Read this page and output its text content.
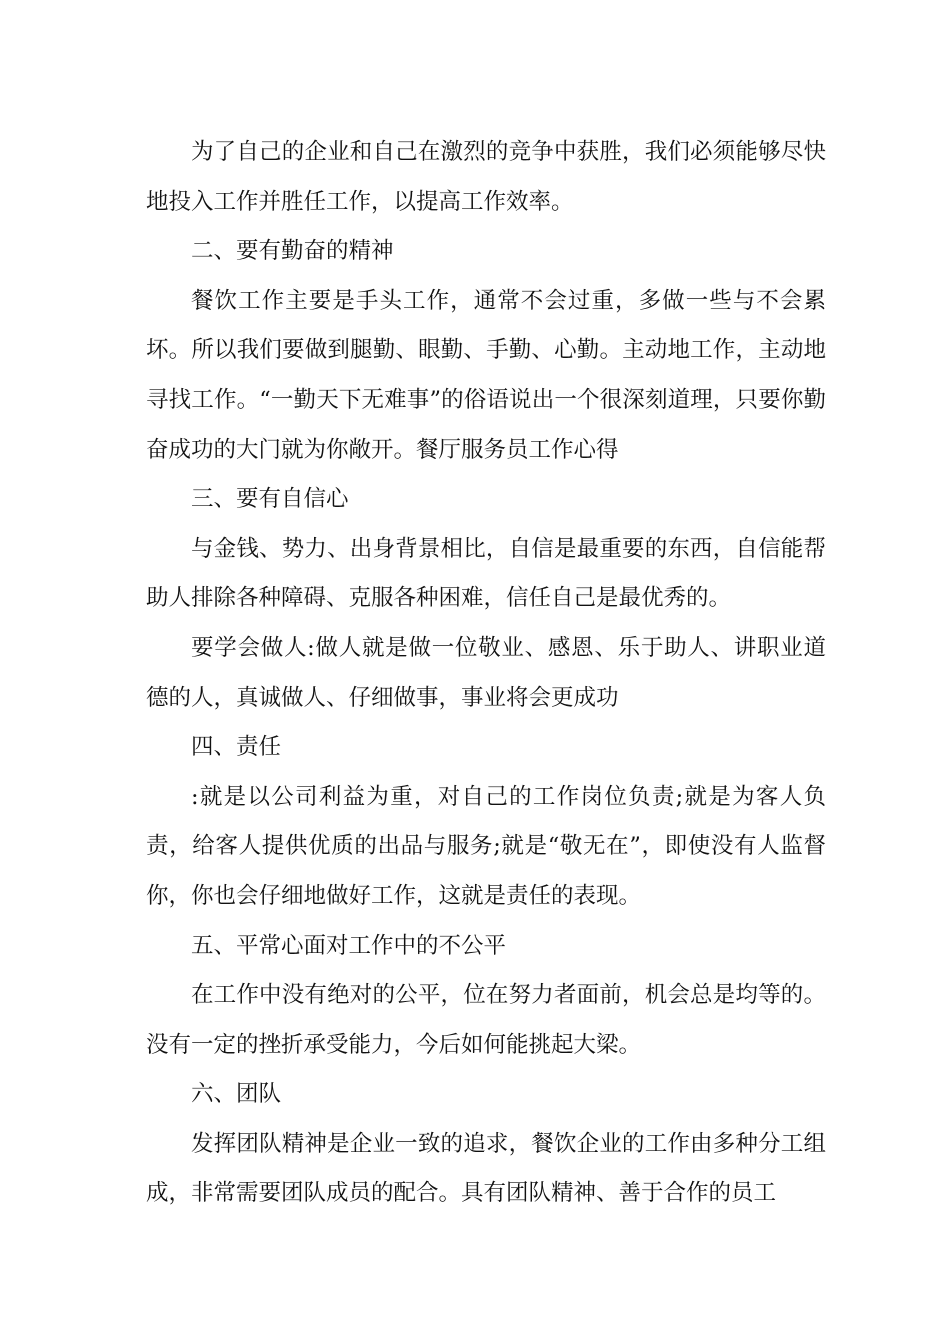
为了自己的企业和自己在激烈的竞争中获胜，我们必须能够尽快地投入工作并胜任工作，以提高工作效率。

二、要有勤奋的精神

餐饮工作主要是手头工作，通常不会过重，多做一些与不会累坏。所以我们要做到腿勤、眼勤、手勤、心勤。主动地工作，主动地寻找工作。“一勤天下无难事”的俗语说出一个很深刻道理，只要你勤奋成功的大门就为你敞开。餐厅服务员工作心得

三、要有自信心

与金钱、势力、出身背景相比，自信是最重要的东西，自信能帮助人排除各种障碍、克服各种困难，信任自己是最优秀的。

要学会做人:做人就是做一位敬业、感恩、乐于助人、讲职业道德的人，真诚做人、仔细做事，事业将会更成功

四、责任

:就是以公司利益为重，对自己的工作岗位负责;就是为客人负责，给客人提供优质的出品与服务;就是“敬无在”，即使没有人监督你，你也会仔细地做好工作，这就是责任的表现。

五、平常心面对工作中的不公平

在工作中没有绝对的公平，位在努力者面前，机会总是均等的。没有一定的挫折承受能力，今后如何能挑起大梁。

六、团队

发挥团队精神是企业一致的追求，餐饮企业的工作由多种分工组成，非常需要团队成员的配合。具有团队精神、善于合作的员工
